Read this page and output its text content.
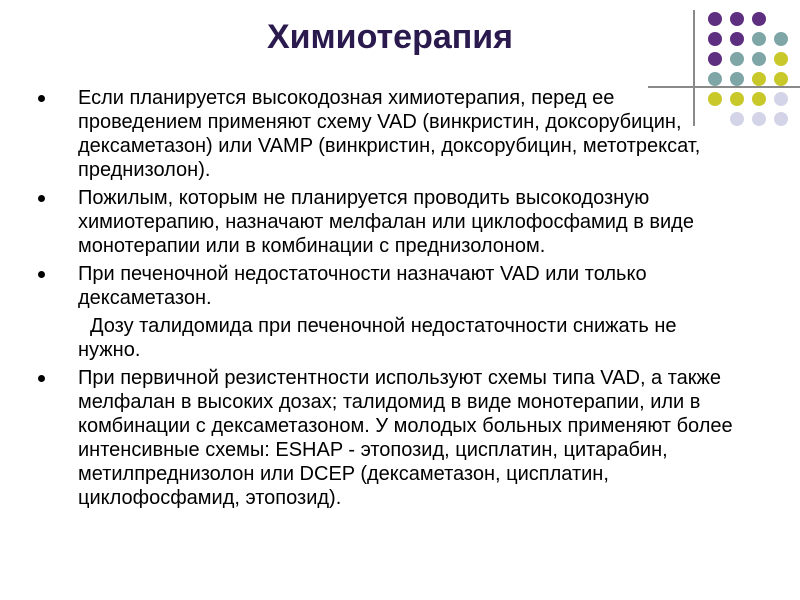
Химиотерапия
Если планируется высокодозная химиотерапия, перед ее проведением применяют схему VAD (винкристин, доксорубицин, дексаметазон) или VAMP (винкристин, доксорубицин, метотрексат, преднизолон).
Пожилым, которым не планируется проводить высокодозную химиотерапию, назначают мелфалан или циклофосфамид в виде монотерапии или в комбинации с преднизолоном.
При печеночной недостаточности назначают VAD или только дексаметазон.
Дозу талидомида при печеночной недостаточности снижать не нужно.
При первичной резистентности используют схемы типа VAD, а также мелфалан в высоких дозах; талидомид в виде монотерапии, или в комбинации с дексаметазоном. У молодых больных применяют более интенсивные схемы: ESHAP - этопозид, цисплатин, цитарабин, метилпреднизолон или DCEP (дексаметазон, цисплатин, циклофосфамид, этопозид).
